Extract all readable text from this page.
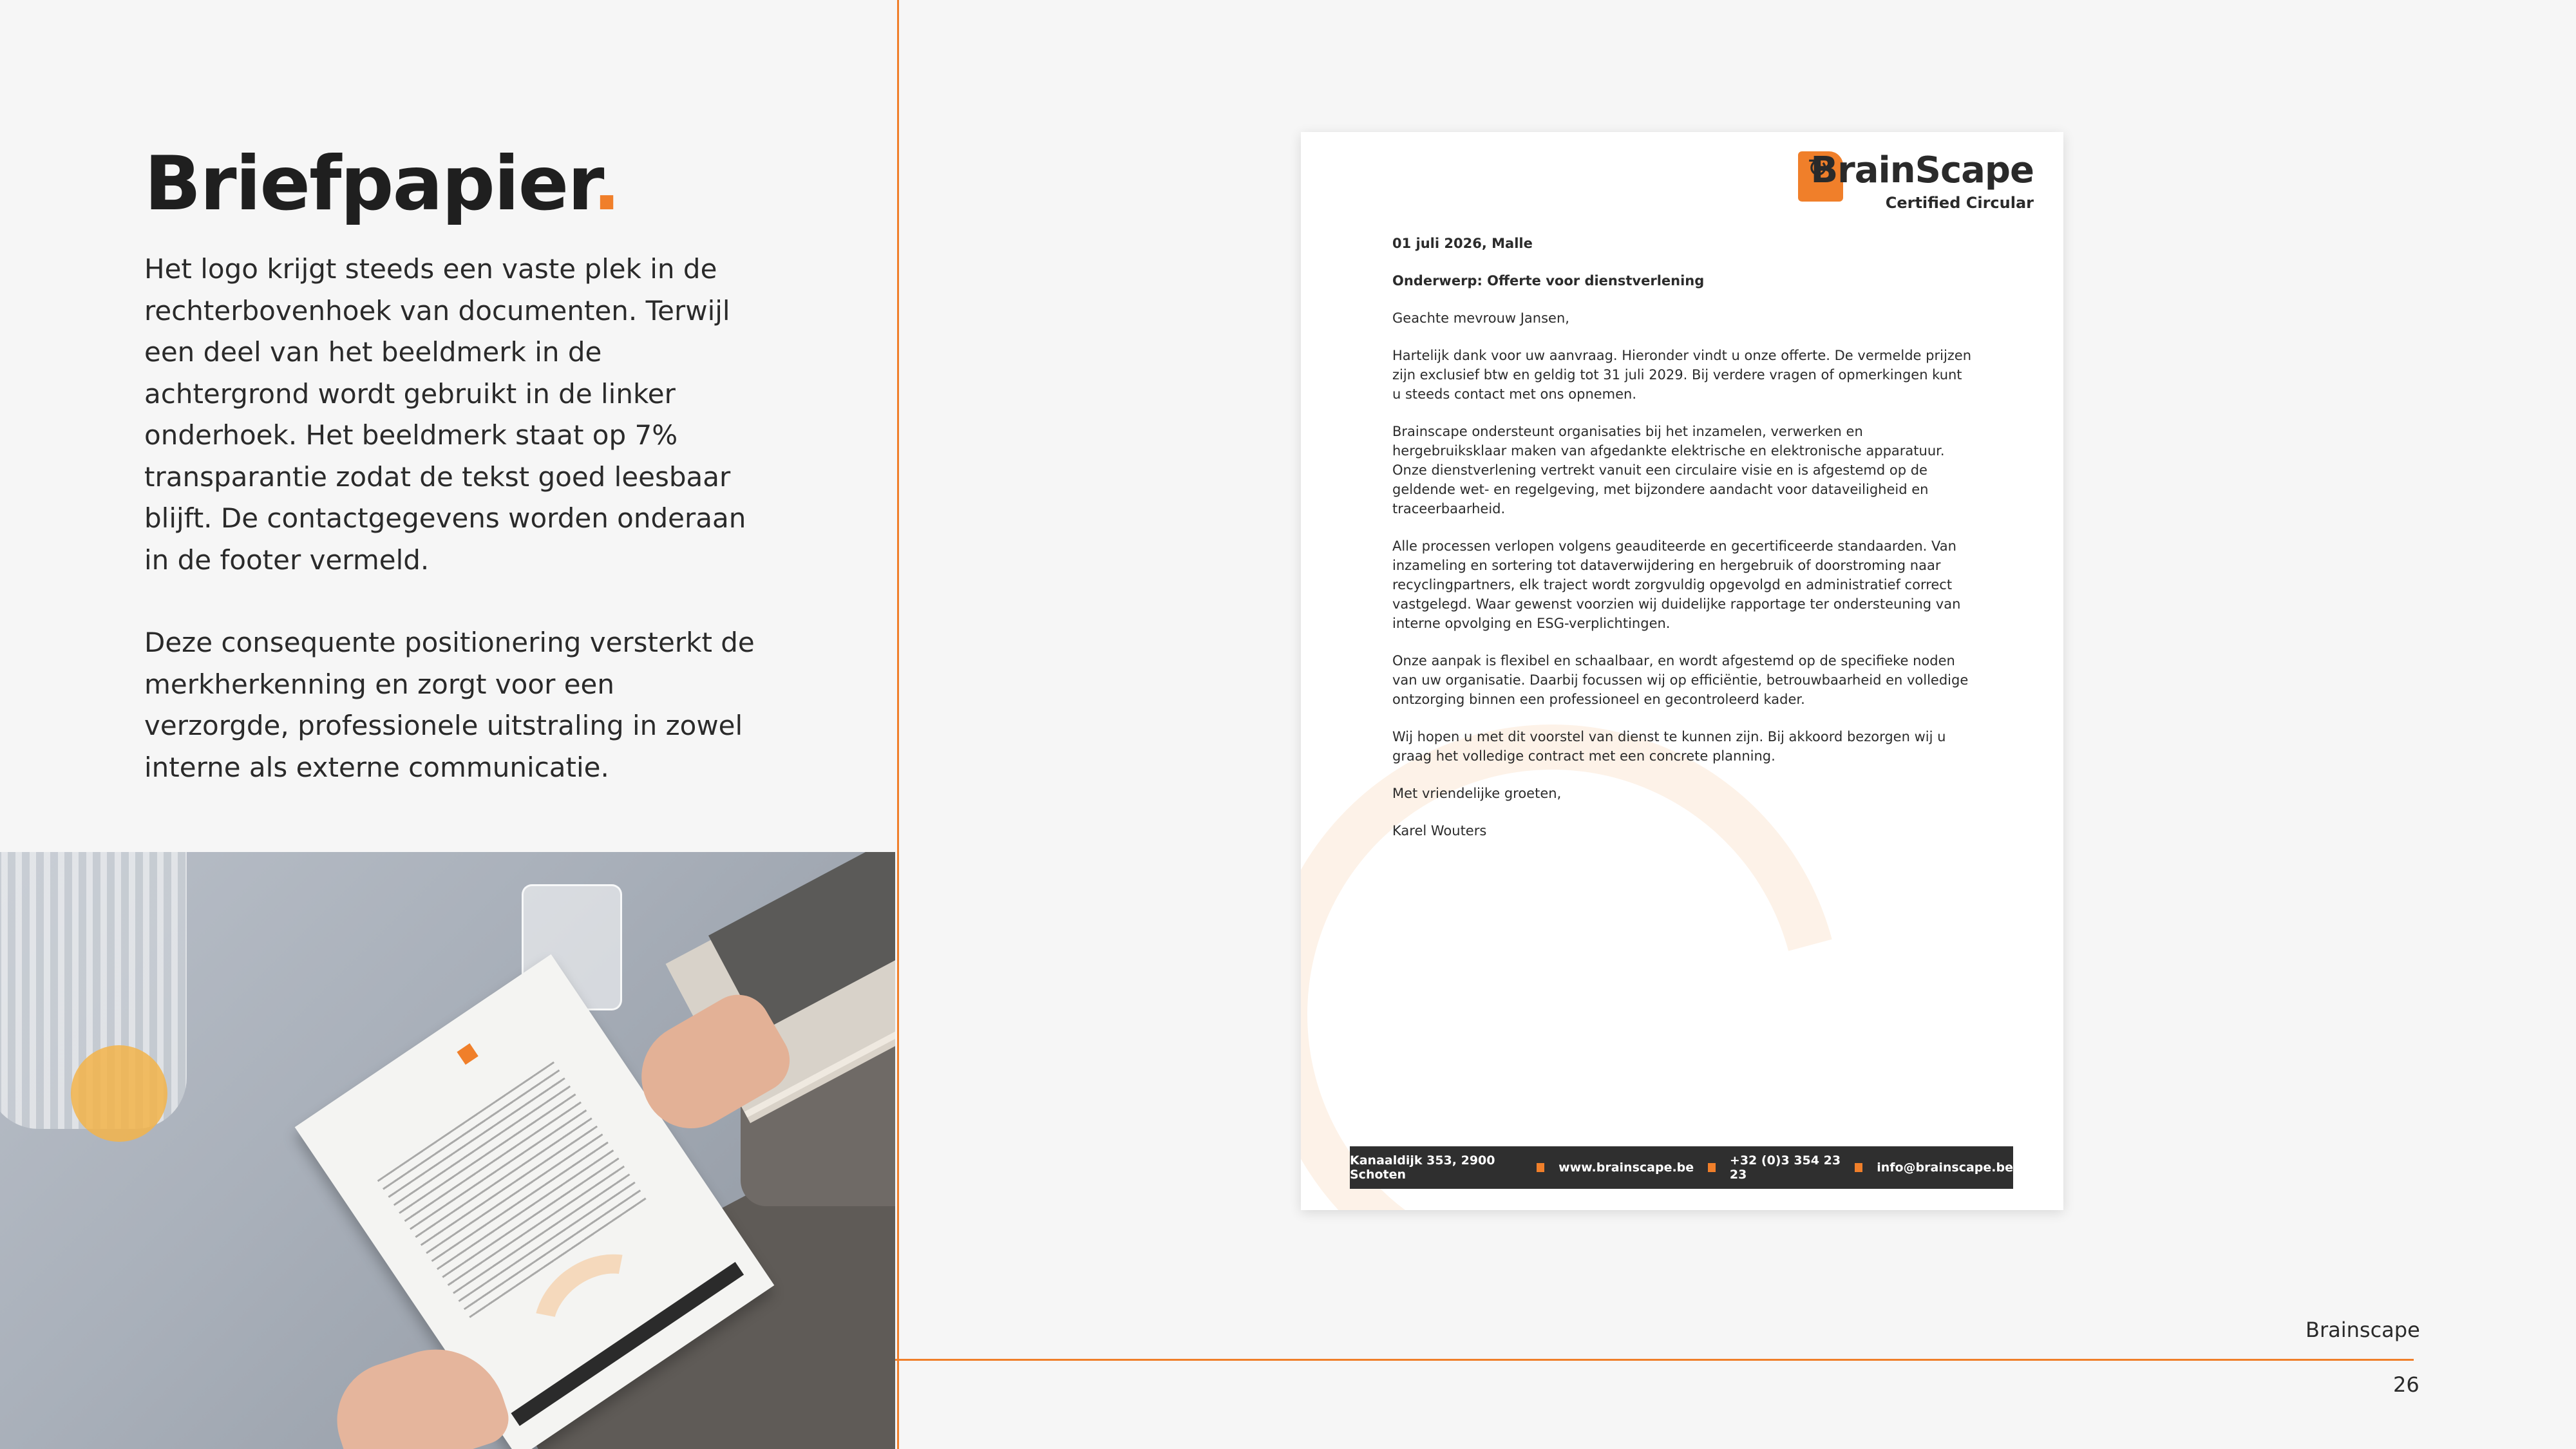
Briefpapier.

Het logo krijgt steeds een vaste plek in de rechterbovenhoek van documenten. Terwijl een deel van het beeldmerk in de achtergrond wordt gebruikt in de linker onderhoek. Het beeldmerk staat op 7% transparantie zodat de tekst goed leesbaar blijft. De contactgegevens worden onderaan in de footer vermeld.

Deze consequente positionering versterkt de merkherkenning en zorgt voor een verzorgde, professionele uitstraling in zowel interne als externe communicatie.

↻
BrainScape
Certified Circular

01 juli 2026, Malle

Onderwerp: Offerte voor dienstverlening

Geachte mevrouw Jansen,

Hartelijk dank voor uw aanvraag. Hieronder vindt u onze offerte. De vermelde prijzen zijn exclusief btw en geldig tot 31 juli 2029. Bij verdere vragen of opmerkingen kunt u steeds contact met ons opnemen.

Brainscape ondersteunt organisaties bij het inzamelen, verwerken en hergebruiksklaar maken van afgedankte elektrische en elektronische apparatuur. Onze dienstverlening vertrekt vanuit een circulaire visie en is afgestemd op de geldende wet- en regelgeving, met bijzondere aandacht voor dataveiligheid en traceerbaarheid.

Alle processen verlopen volgens geauditeerde en gecertificeerde standaarden. Van inzameling en sortering tot dataverwijdering en hergebruik of doorstroming naar recyclingpartners, elk traject wordt zorgvuldig opgevolgd en administratief correct vastgelegd. Waar gewenst voorzien wij duidelijke rapportage ter ondersteuning van interne opvolging en ESG-verplichtingen.

Onze aanpak is flexibel en schaalbaar, en wordt afgestemd op de specifieke noden van uw organisatie. Daarbij focussen wij op efficiëntie, betrouwbaarheid en volledige ontzorging binnen een professioneel en gecontroleerd kader.

Wij hopen u met dit voorstel van dienst te kunnen zijn. Bij akkoord bezorgen wij u graag het volledige contract met een concrete planning.

Met vriendelijke groeten,

Karel Wouters

Kanaaldijk 353, 2900 Schoten	www.brainscape.be	+32 (0)3 354 23 23	info@brainscape.be
Brainscape
26
